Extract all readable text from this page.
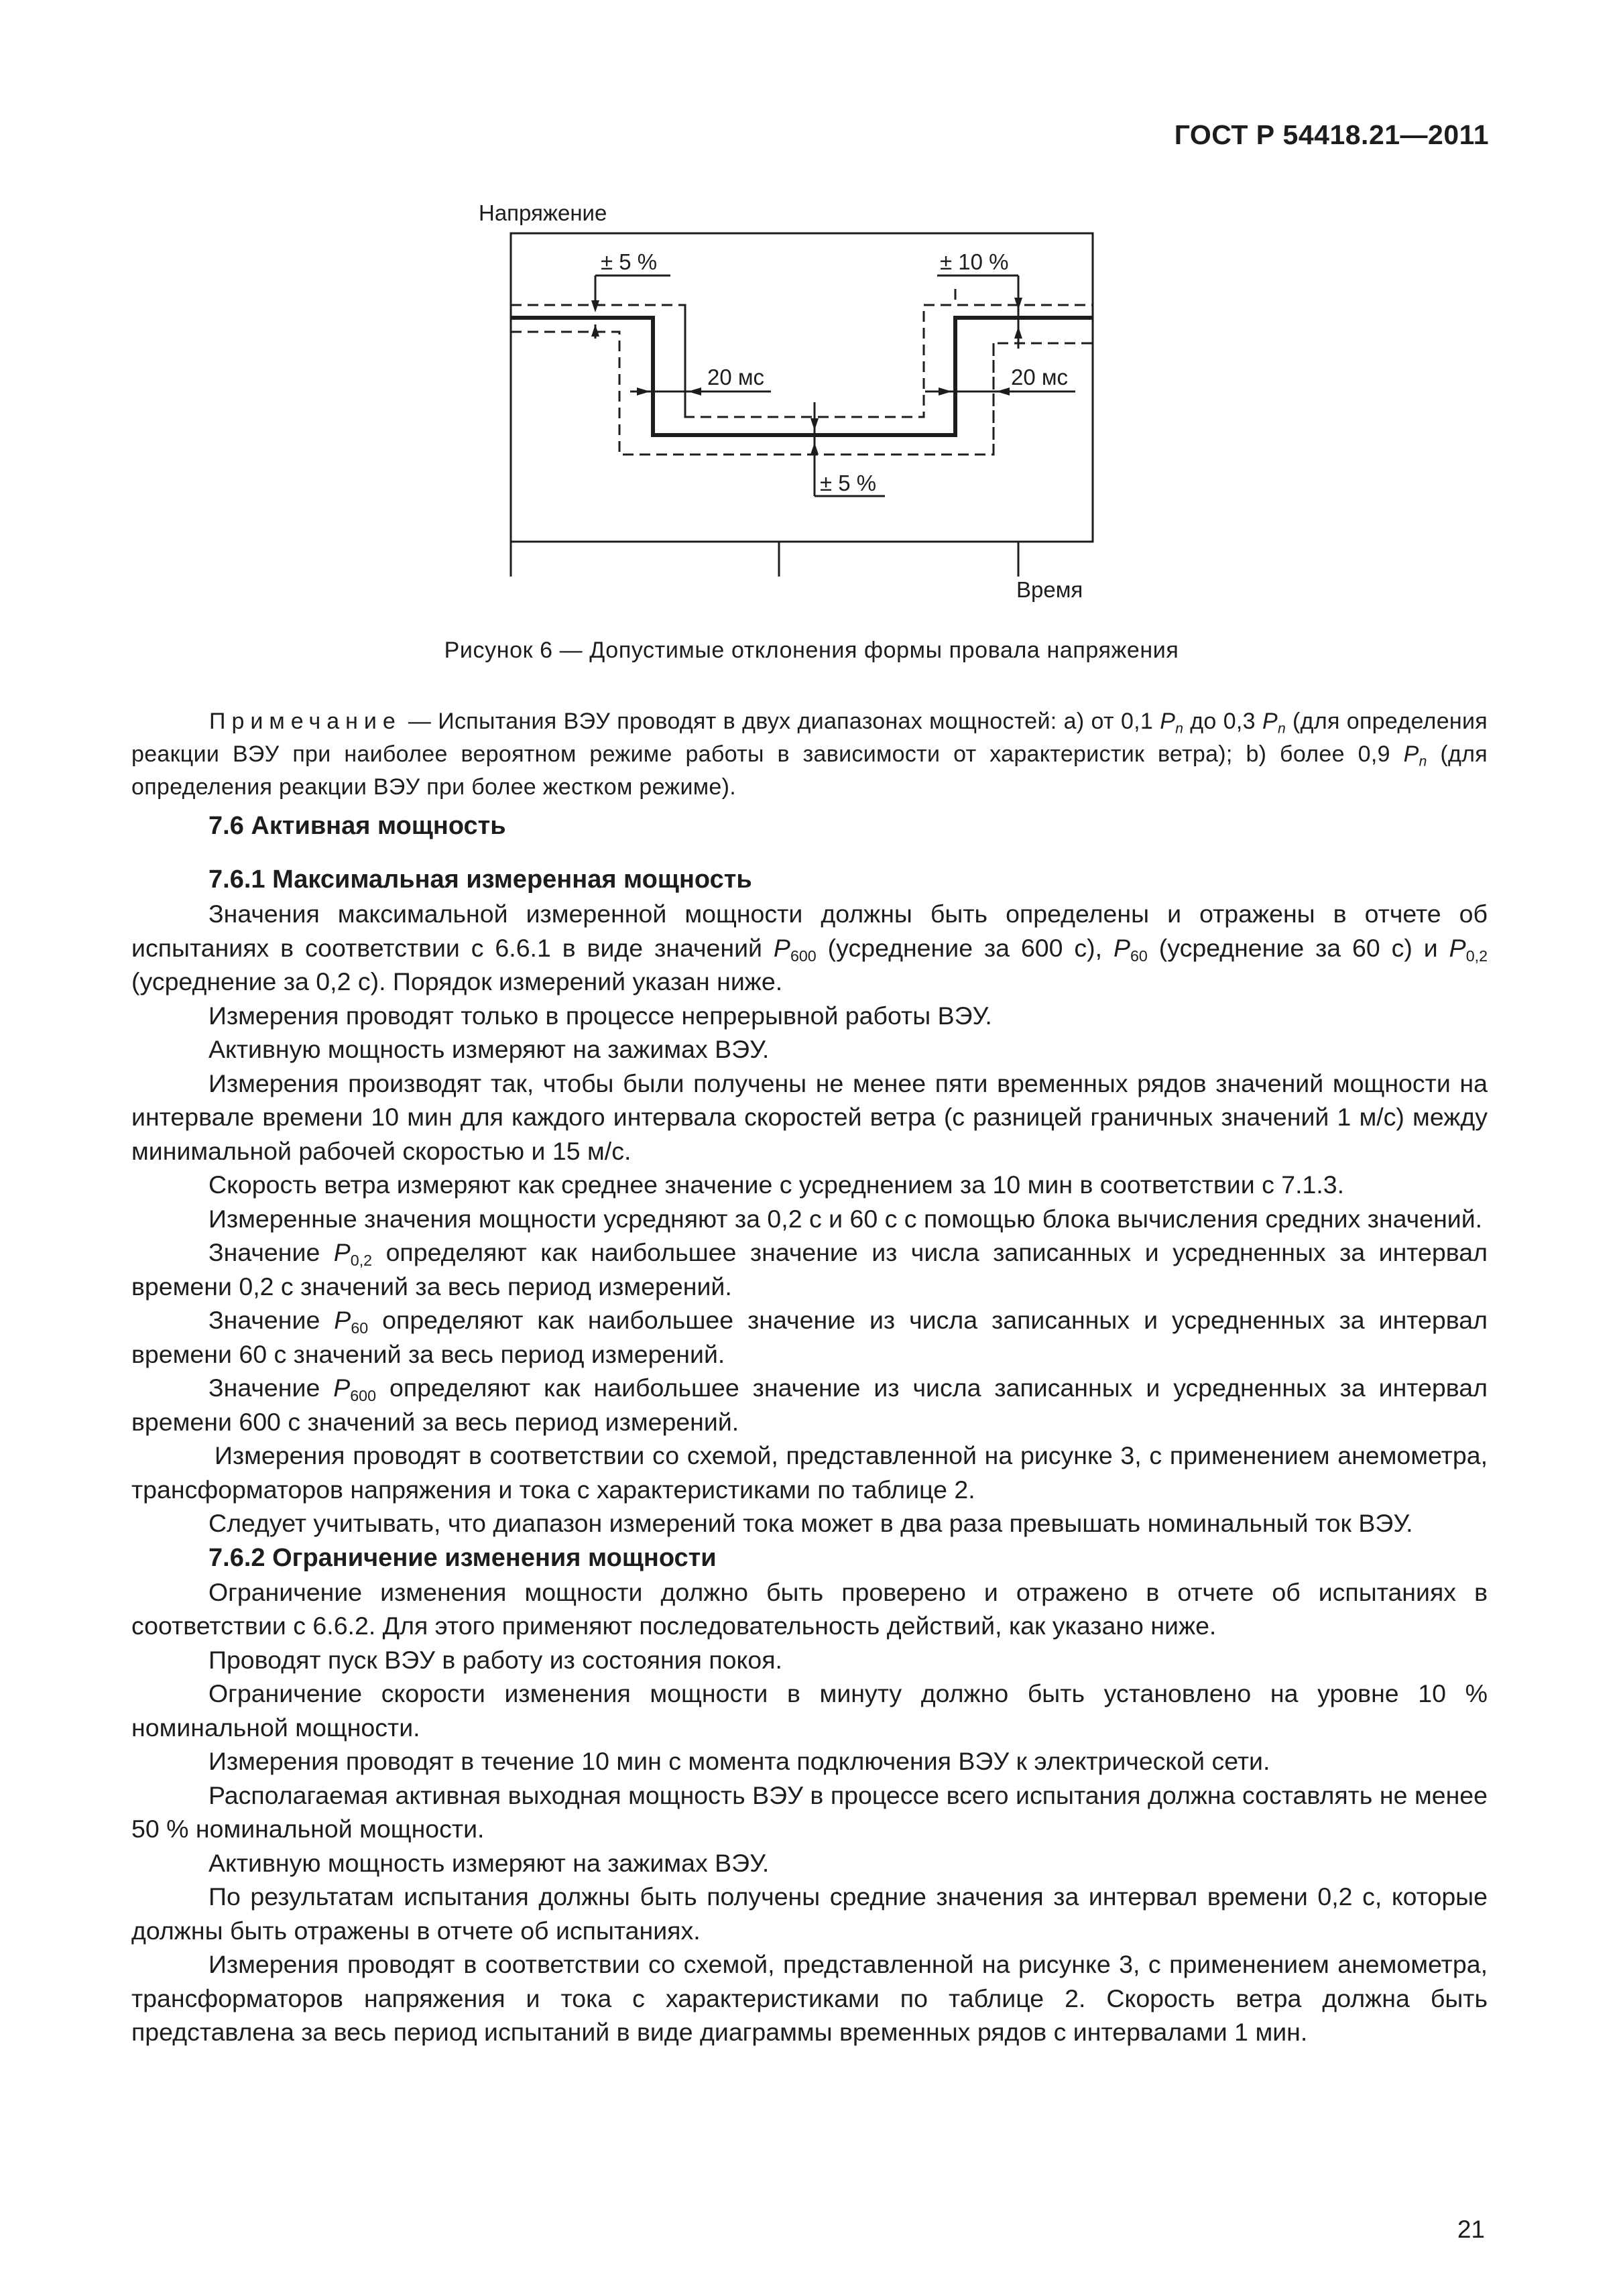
ГОСТ Р 54418.21—2011
Напряжение
Время
± 5 %	± 10 %
20 мс	20 мс
± 5 %
Рисунок 6 — Допустимые отклонения формы провала напряжения
Примечание — Испытания ВЭУ проводят в двух диапазонах мощностей: a) от 0,1 $P_n$ до 0,3 $P_n$ (для определения реакции ВЭУ при наиболее вероятном режиме работы в зависимости от характеристик ветра); b) более 0,9 $P_n$ (для определения реакции ВЭУ при более жестком режиме).
7.6 Активная мощность
7.6.1 Максимальная измеренная мощность

Значения максимальной измеренной мощности должны быть определены и отражены в отчете об испытаниях в соответствии с 6.6.1 в виде значений $P_{600}$ (усреднение за 600 с), $P_{60}$ (усреднение за 60 с) и $P_{0,2}$ (усреднение за 0,2 с). Порядок измерений указан ниже.

Измерения проводят только в процессе непрерывной работы ВЭУ.

Активную мощность измеряют на зажимах ВЭУ.

Измерения производят так, чтобы были получены не менее пяти временных рядов значений мощности на интервале времени 10 мин для каждого интервала скоростей ветра (с разницей граничных значений 1 м/с) между минимальной рабочей скоростью и 15 м/с.

Скорость ветра измеряют как среднее значение с усреднением за 10 мин в соответствии с 7.1.3.

Измеренные значения мощности усредняют за 0,2 с и 60 с с помощью блока вычисления средних значений.

Значение $P_{0,2}$ определяют как наибольшее значение из числа записанных и усредненных за интервал времени 0,2 с значений за весь период измерений.

Значение $P_{60}$ определяют как наибольшее значение из числа записанных и усредненных за интервал времени 60 с значений за весь период измерений.

Значение $P_{600}$ определяют как наибольшее значение из числа записанных и усредненных за интервал времени 600 с значений за весь период измерений.

Измерения проводят в соответствии со схемой, представленной на рисунке 3, с применением анемометра, трансформаторов напряжения и тока с характеристиками по таблице 2.

Следует учитывать, что диапазон измерений тока может в два раза превышать номинальный ток ВЭУ.

7.6.2 Ограничение изменения мощности

Ограничение изменения мощности должно быть проверено и отражено в отчете об испытаниях в соответствии с 6.6.2. Для этого применяют последовательность действий, как указано ниже.

Проводят пуск ВЭУ в работу из состояния покоя.

Ограничение скорости изменения мощности в минуту должно быть установлено на уровне 10 % номинальной мощности.

Измерения проводят в течение 10 мин с момента подключения ВЭУ к электрической сети.

Располагаемая активная выходная мощность ВЭУ в процессе всего испытания должна составлять не менее 50 % номинальной мощности.

Активную мощность измеряют на зажимах ВЭУ.

По результатам испытания должны быть получены средние значения за интервал времени 0,2 с, которые должны быть отражены в отчете об испытаниях.

Измерения проводят в соответствии со схемой, представленной на рисунке 3, с применением анемометра, трансформаторов напряжения и тока с характеристиками по таблице 2. Скорость ветра должна быть представлена за весь период испытаний в виде диаграммы временных рядов с интервалами 1 мин.

21
